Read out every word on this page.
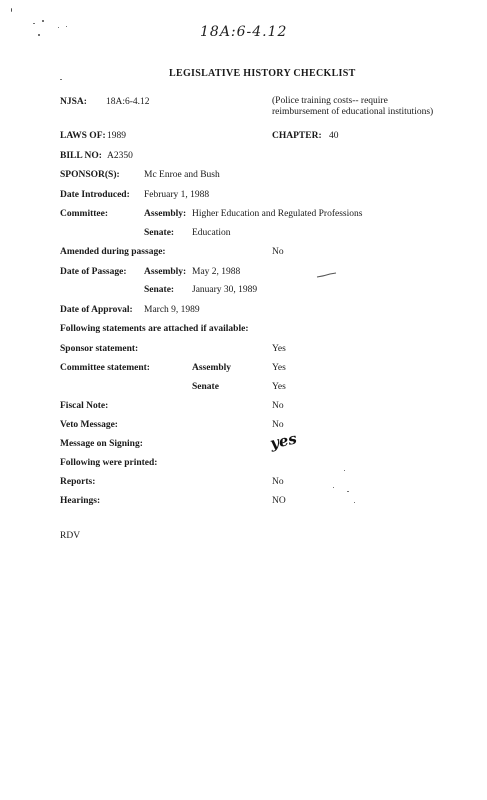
18A:6-4.12
LEGISLATIVE HISTORY CHECKLIST
NJSA: 18A:6-4.12	(Police training costs-- require reimbursement of educational institutions)
LAWS OF: 1989	CHAPTER: 40
BILL NO: A2350
SPONSOR(S):	Mc Enroe and Bush
Date Introduced: February 1, 1988
Committee:	Assembly: Higher Education and Regulated Professions
Senate: Education
Amended during passage:	No
Date of Passage: Assembly: May 2, 1988
Senate: January 30, 1989
Date of Approval: March 9, 1989
Following statements are attached if available:
Sponsor statement:	Yes
Committee statement:	Assembly	Yes
Senate	Yes
Fiscal Note:	No
Veto Message:	No
Message on Signing:	yes
Following were printed:
Reports:	No
Hearings:	NO
RDV
